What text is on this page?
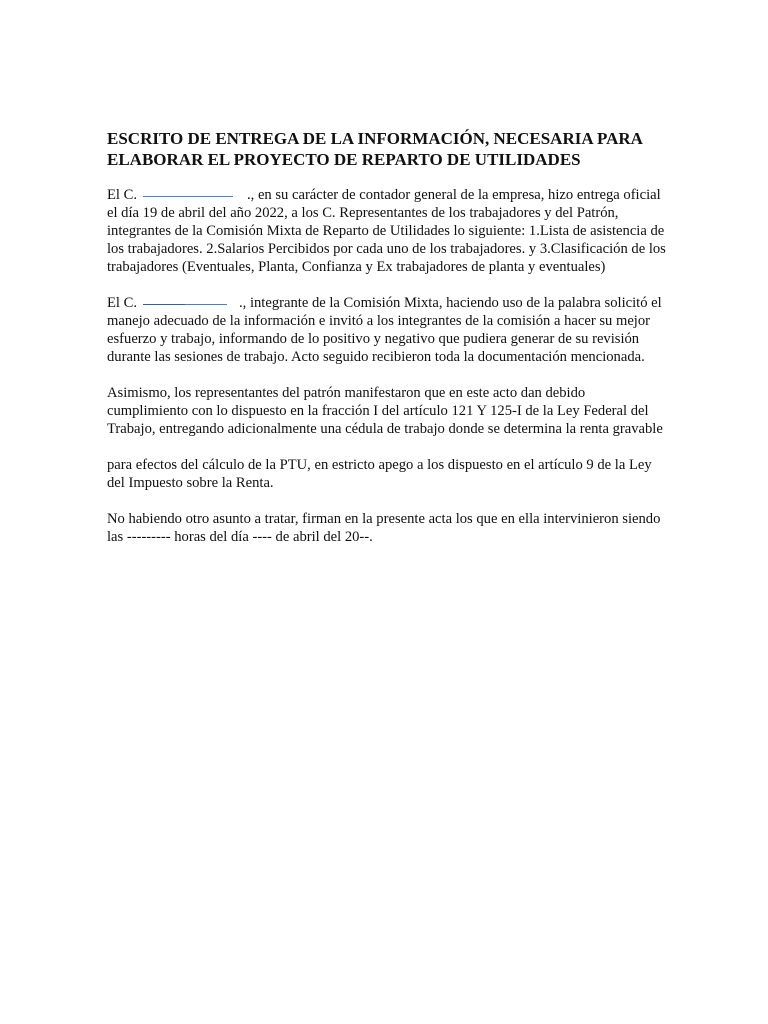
ESCRITO DE ENTREGA DE LA INFORMACIÓN, NECESARIA PARA
ELABORAR EL PROYECTO DE REPARTO DE UTILIDADES

El C.	., en su carácter de contador general de la empresa, hizo entrega oficial el día 19 de abril del año 2022, a los C. Representantes de los trabajadores y del Patrón, integrantes de la Comisión Mixta de Reparto de Utilidades lo siguiente: 1.Lista de asistencia de los trabajadores. 2.Salarios Percibidos por cada uno de los trabajadores. y 3.Clasificación de los trabajadores (Eventuales, Planta, Confianza y Ex trabajadores de planta y eventuales)

El C.	., integrante de la Comisión Mixta, haciendo uso de la palabra solicitó el manejo adecuado de la información e invitó a los integrantes de la comisión a hacer su mejor esfuerzo y trabajo, informando de lo positivo y negativo que pudiera generar de su revisión durante las sesiones de trabajo. Acto seguido recibieron toda la documentación mencionada.

Asimismo, los representantes del patrón manifestaron que en este acto dan debido cumplimiento con lo dispuesto en la fracción I del artículo 121 Y 125-I de la Ley Federal del Trabajo, entregando adicionalmente una cédula de trabajo donde se determina la renta gravable

para efectos del cálculo de la PTU, en estricto apego a los dispuesto en el artículo 9 de la Ley del Impuesto sobre la Renta.

No habiendo otro asunto a tratar, firman en la presente acta los que en ella intervinieron siendo las --------- horas del día ---- de abril del 20--.
